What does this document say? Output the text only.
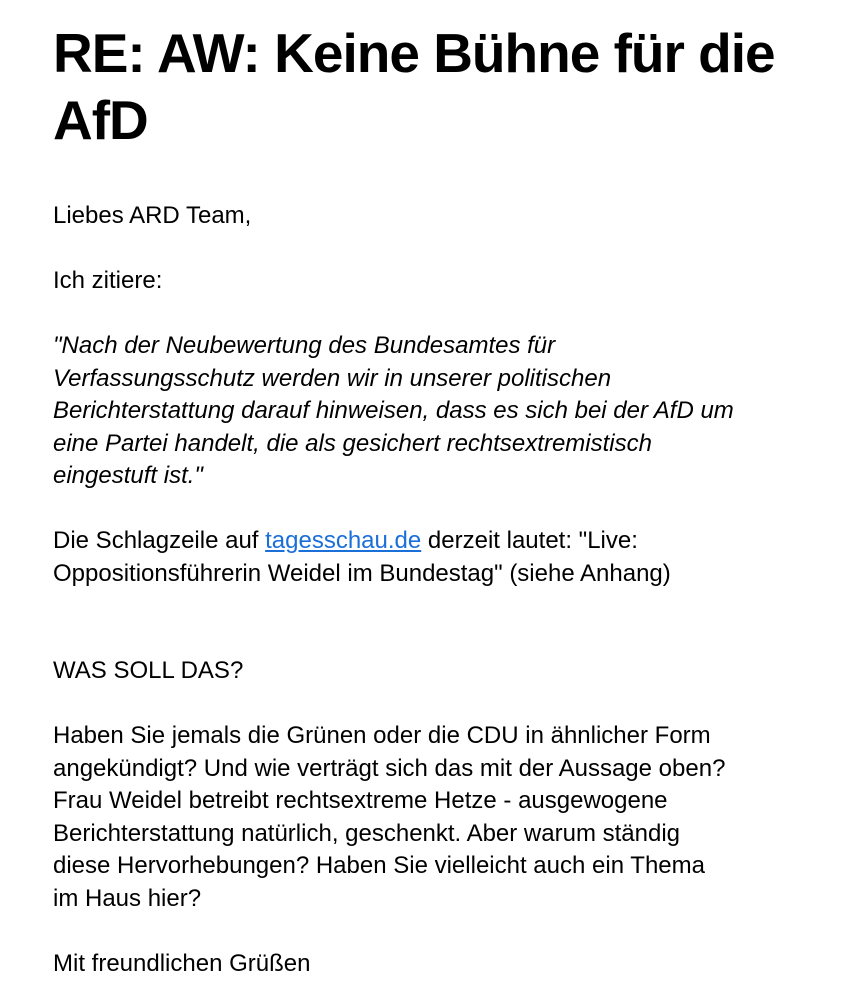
RE: AW: Keine Bühne für die
AfD
Liebes ARD Team,
Ich zitiere:
"Nach der Neubewertung des Bundesamtes für
Verfassungsschutz werden wir in unserer politischen
Berichterstattung darauf hinweisen, dass es sich bei der AfD um
eine Partei handelt, die als gesichert rechtsextremistisch
eingestuft ist."
Die Schlagzeile auf tagesschau.de derzeit lautet: "Live:
Oppositionsführerin Weidel im Bundestag" (siehe Anhang)
WAS SOLL DAS?
Haben Sie jemals die Grünen oder die CDU in ähnlicher Form
angekündigt? Und wie verträgt sich das mit der Aussage oben?
Frau Weidel betreibt rechtsextreme Hetze - ausgewogene
Berichterstattung natürlich, geschenkt. Aber warum ständig
diese Hervorhebungen? Haben Sie vielleicht auch ein Thema
im Haus hier?
Mit freundlichen Grüßen
